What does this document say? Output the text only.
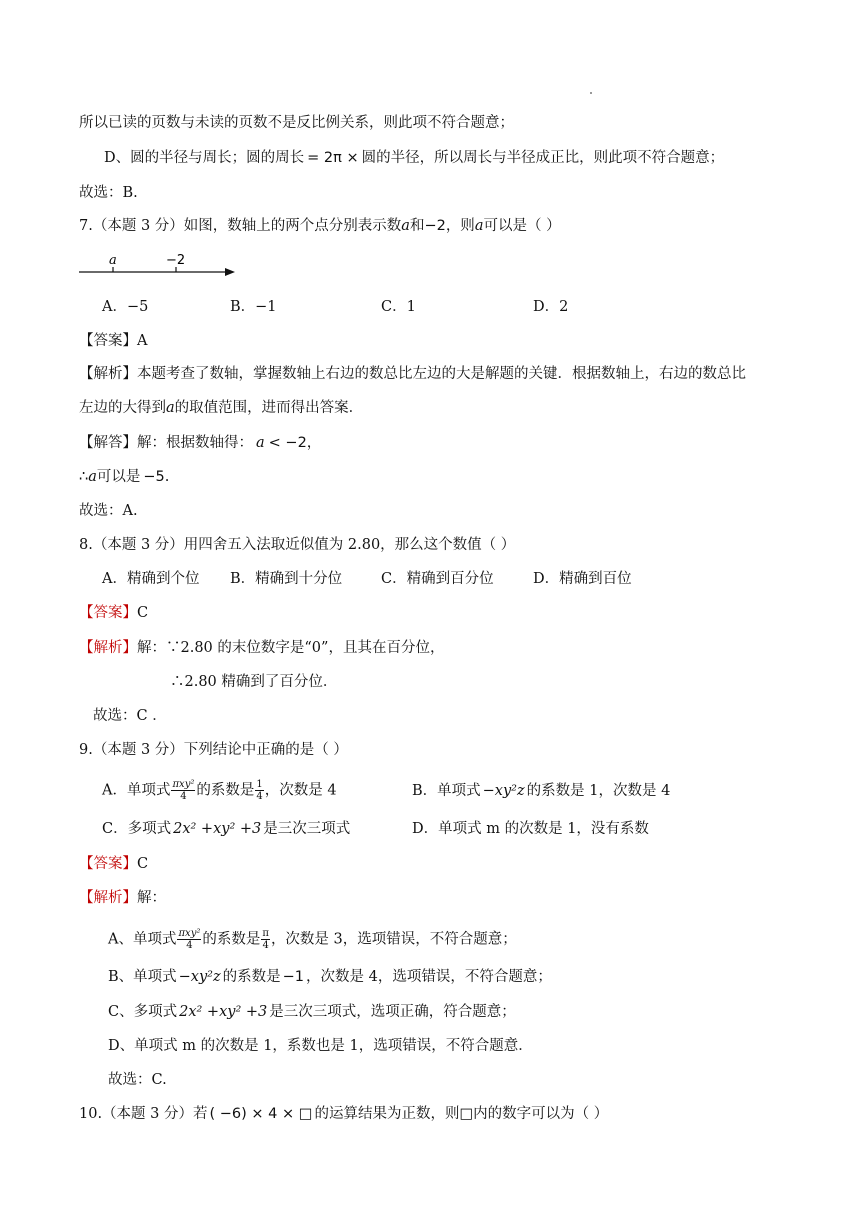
所以已读的页数与未读的页数不是反比例关系，则此项不符合题意；
D、圆的半径与周长；圆的周长 = 2π × 圆的半径，所以周长与半径成正比，则此项不符合题意；
故选：B.
7.（本题 3 分）如图，数轴上的两个点分别表示数a和−2，则a可以是（ ）
a	−2
A．−5	B．−1	C．1	D．2
【答案】A
【解析】本题考查了数轴，掌握数轴上右边的数总比左边的大是解题的关键．根据数轴上，右边的数总比
左边的大得到a的取值范围，进而得出答案．
【解答】解：根据数轴得： a < −2，
∴a可以是 −5.
故选：A.
8.（本题 3 分）用四舍五入法取近似值为 2.80，那么这个数值（ ）
A．精确到个位 B．精确到十分位	C．精确到百分位	D．精确到百位
【答案】C
【解析】解：∵2.80 的末位数字是“0”，且其在百分位，
∴2.80 精确到了百分位．
故选：C ．
9.（本题 3 分）下列结论中正确的是（ ）
A．单项式 $\frac{\text{πxy²}}{4}$ 的系数是 $\frac{1}{4}$ ，次数是 4	B．单项式 −xy²z 的系数是 1，次数是 4
C．多项式 2x² +xy² +3 是三次三项式	D．单项式 m 的次数是 1，没有系数
【答案】C
【解析】解：
A、单项式 $\frac{\text{πxy²}}{4}$ 的系数是 $\frac{\pi}{4}$ ，次数是 3，选项错误，不符合题意；
B、单项式 −xy²z 的系数是 −1 ，次数是 4，选项错误，不符合题意；
C、多项式 2x² +xy² +3 是三次三项式，选项正确，符合题意；
D、单项式 m 的次数是 1，系数也是 1，选项错误，不符合题意．
故选：C.
10.（本题 3 分）若 ( −6) × 4 × □ 的运算结果为正数，则□内的数字可以为（ ）
